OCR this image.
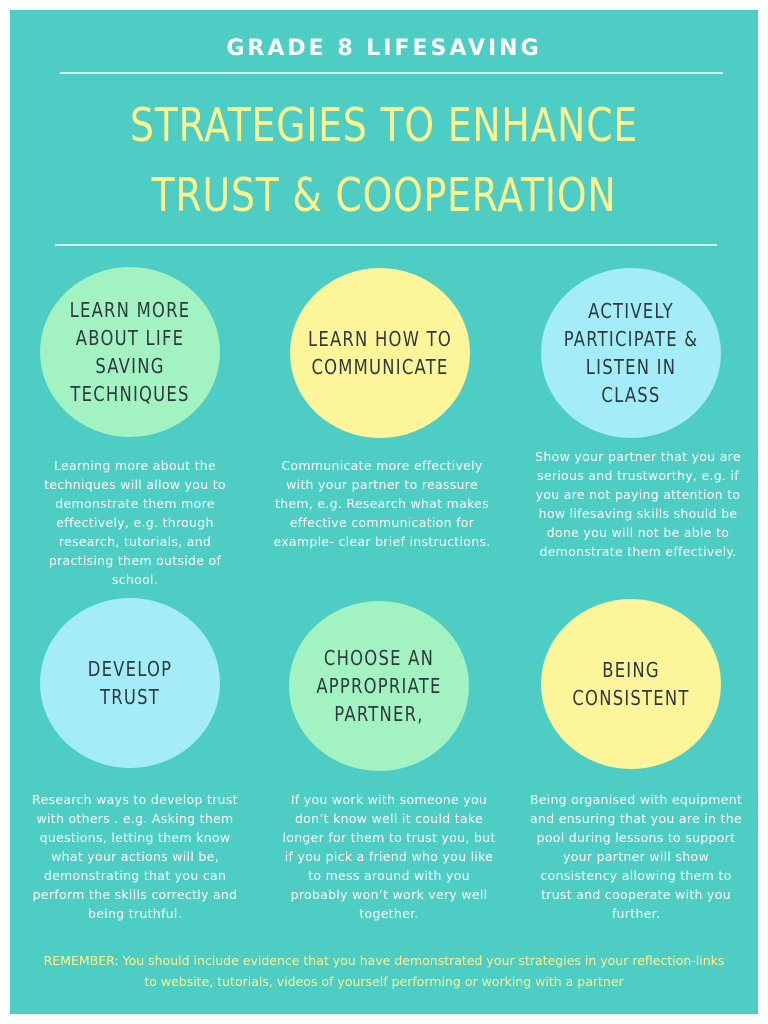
GRADE 8 LIFESAVING
STRATEGIES TO ENHANCE
TRUST & COOPERATION
LEARN MORE ABOUT LIFE SAVING TECHNIQUES
LEARN HOW TO COMMUNICATE
ACTIVELY PARTICIPATE & LISTEN IN CLASS
Learning more about the techniques will allow you to demonstrate them more effectively, e.g. through research, tutorials, and practising them outside of school.
Communicate more effectively with your partner to reassure them, e.g. Research what makes effective communication for example- clear brief instructions.
Show your partner that you are serious and trustworthy, e.g. if you are not paying attention to how lifesaving skills should be done you will not be able to demonstrate them effectively.
DEVELOP TRUST
CHOOSE AN APPROPRIATE PARTNER,
BEING CONSISTENT
Research ways to develop trust with others . e.g. Asking them questions, letting them know what your actions will be, demonstrating that you can perform the skills correctly and being truthful.
If you work with someone you don’t know well it could take longer for them to trust you, but if you pick a friend who you like to mess around with you probably won’t work very well together.
Being organised with equipment and ensuring that you are in the pool during lessons to support your partner will show consistency allowing them to trust and cooperate with you further.
REMEMBER: You should include evidence that you have demonstrated your strategies in your reflection-links to website, tutorials, videos of yourself performing or working with a partner
